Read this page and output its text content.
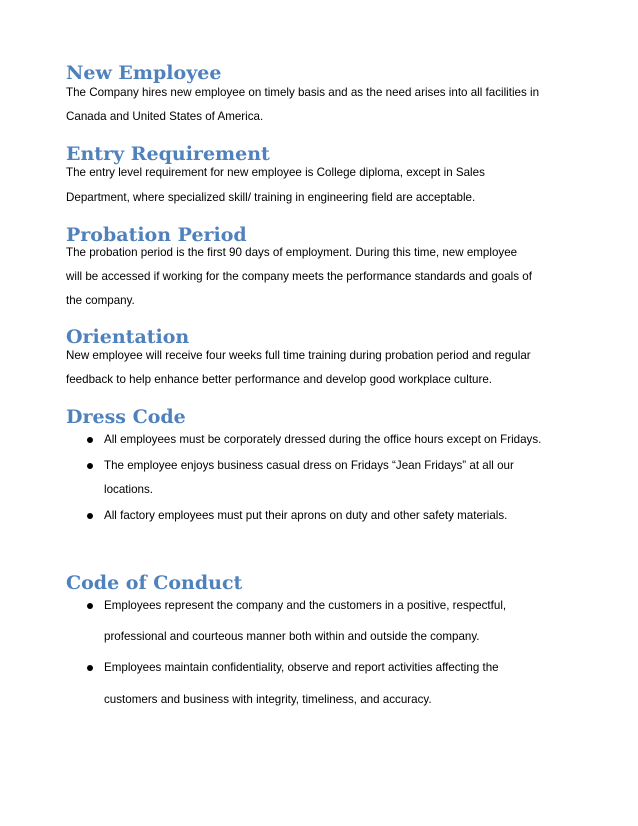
New Employee

The Company hires new employee on timely basis and as the need arises into all facilities in

Canada and United States of America.

Entry Requirement

The entry level requirement for new employee is College diploma, except in Sales

Department, where specialized skill/ training in engineering field are acceptable.

Probation Period

The probation period is the first 90 days of employment. During this time, new employee

will be accessed if working for the company meets the performance standards and goals of

the company.

Orientation

New employee will receive four weeks full time training during probation period and regular

feedback to help enhance better performance and develop good workplace culture.

Dress Code

All employees must be corporately dressed during the office hours except on Fridays.

The employee enjoys business casual dress on Fridays “Jean Fridays” at all our

locations.

All factory employees must put their aprons on duty and other safety materials.

Code of Conduct

Employees represent the company and the customers in a positive, respectful,

professional and courteous manner both within and outside the company.

Employees maintain confidentiality, observe and report activities affecting the

customers and business with integrity, timeliness, and accuracy.
